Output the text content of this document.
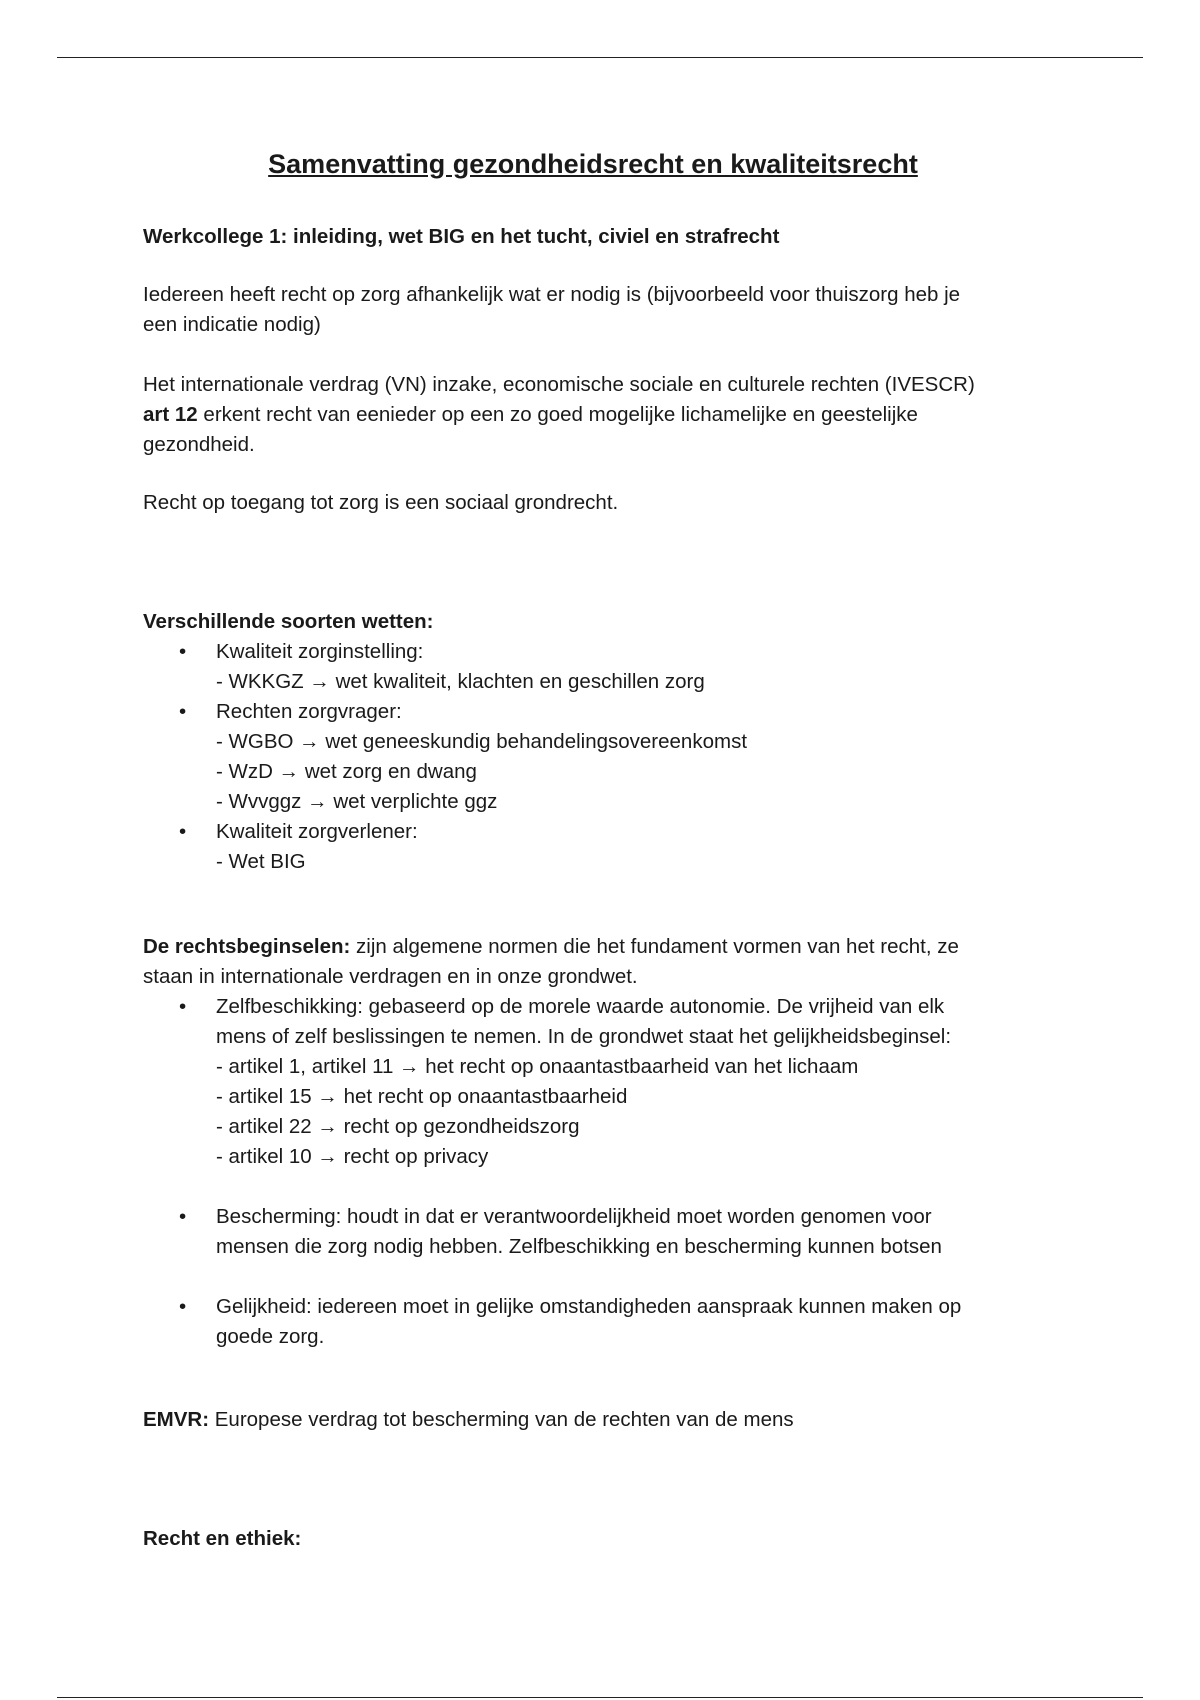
Samenvatting gezondheidsrecht en kwaliteitsrecht

Werkcollege 1: inleiding, wet BIG en het tucht, civiel en strafrecht

Iedereen heeft recht op zorg afhankelijk wat er nodig is (bijvoorbeeld voor thuiszorg heb je
een indicatie nodig)

Het internationale verdrag (VN) inzake, economische sociale en culturele rechten (IVESCR)
art 12 erkent recht van eenieder op een zo goed mogelijke lichamelijke en geestelijke
gezondheid.

Recht op toegang tot zorg is een sociaal grondrecht.

Verschillende soorten wetten:

• Kwaliteit zorginstelling:
- WKKGZ → wet kwaliteit, klachten en geschillen zorg
• Rechten zorgvrager:
- WGBO → wet geneeskundig behandelingsovereenkomst
- WzD → wet zorg en dwang
- Wvvggz → wet verplichte ggz
• Kwaliteit zorgverlener:
- Wet BIG

De rechtsbeginselen: zijn algemene normen die het fundament vormen van het recht, ze
staan in internationale verdragen en in onze grondwet.

• Zelfbeschikking: gebaseerd op de morele waarde autonomie. De vrijheid van elk
mens of zelf beslissingen te nemen. In de grondwet staat het gelijkheidsbeginsel:
- artikel 1, artikel 11 → het recht op onaantastbaarheid van het lichaam
- artikel 15 → het recht op onaantastbaarheid
- artikel 22 → recht op gezondheidszorg
- artikel 10 → recht op privacy
• Bescherming: houdt in dat er verantwoordelijkheid moet worden genomen voor
mensen die zorg nodig hebben. Zelfbeschikking en bescherming kunnen botsen
• Gelijkheid: iedereen moet in gelijke omstandigheden aanspraak kunnen maken op
goede zorg.

EMVR: Europese verdrag tot bescherming van de rechten van de mens

Recht en ethiek:
